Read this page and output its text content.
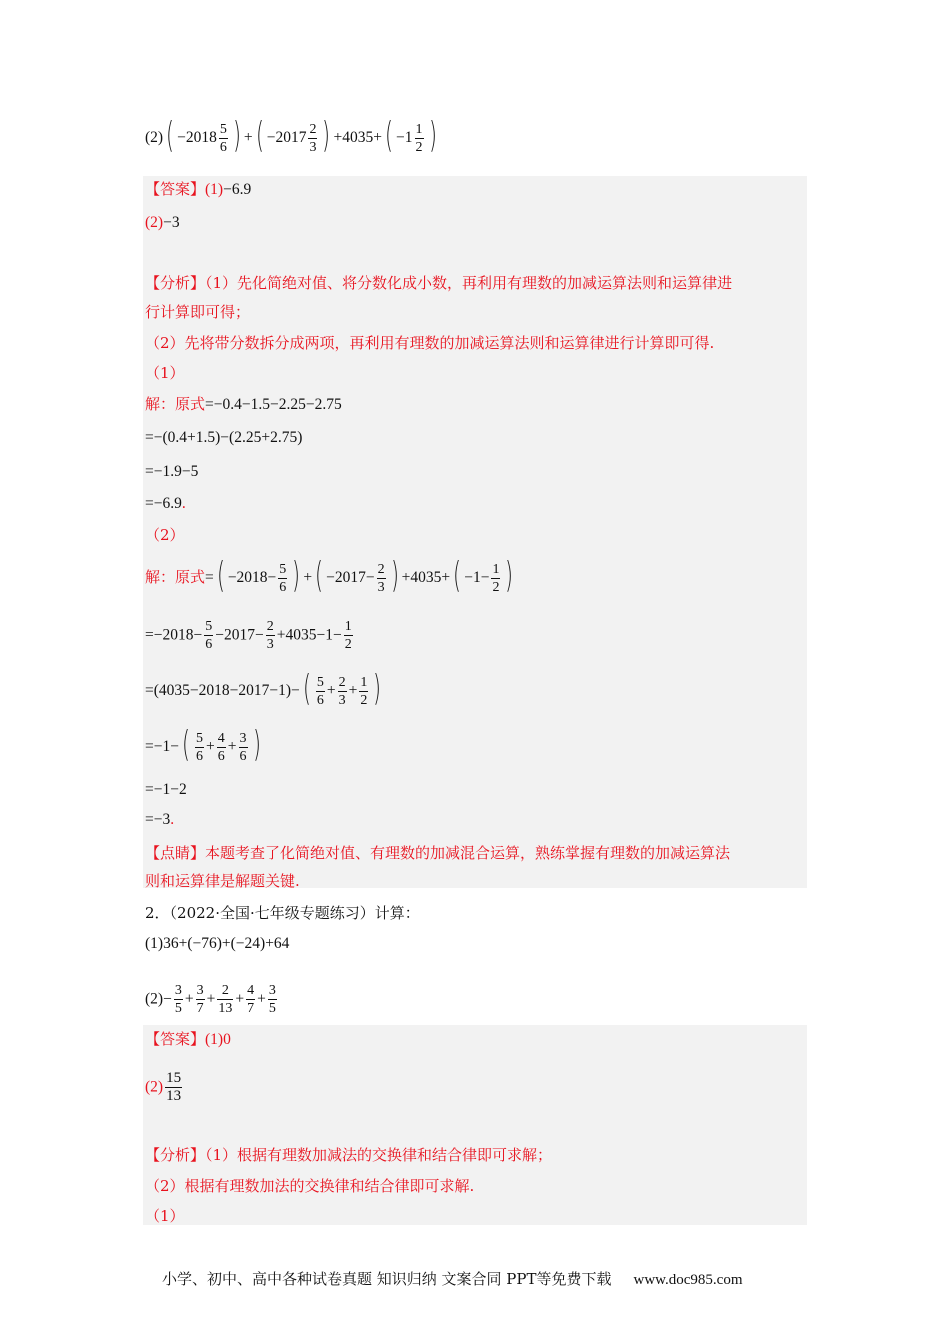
$(2)( -2018 \frac{5}{6}$ ) +( $-2017 \frac{2}{3}$ ) $+4035+( -1 \frac{1}{2}$ )
【答案】(1)−6.9
(2)−3
【分析】（1）先化简绝对值、将分数化成小数，再利用有理数的加减运算法则和运算律进
行计算即可得；
（2）先将带分数拆分成两项，再利用有理数的加减运算法则和运算律进行计算即可得.
（1）
解：原式=−0.4−1.5−2.25−2.75
=−(0.4+1.5)−(2.25+2.75)
=−1.9−5
=−6.9.
（2）
解：原式=( $-2018- \frac{5}{6}$ ) +( $-2017- \frac{2}{3}$ ) $+4035+( -1- \frac{1}{2}$ )
$=-2018- \frac{5}{6} -2017- \frac{2}{3} +4035-1- \frac{1}{2}$
$=(4035-2018-2017-1)-( \frac{5}{6} + \frac{2}{3} + \frac{1}{2}$ )
$=-1-( \frac{5}{6} + \frac{4}{6} + \frac{3}{6}$ )
=−1−2
=−3.
【点睛】本题考查了化简绝对值、有理数的加减混合运算，熟练掌握有理数的加减运算法
则和运算律是解题关键.
2．（2022·全国·七年级专题练习）计算：
(1)36+(−76)+(−24)+64
$(2)- \frac{3}{5} + \frac{3}{7} + \frac{2}{13} + \frac{4}{7} + \frac{3}{5}$
【答案】(1)0
$(2) \frac{15}{13}$
【分析】（1）根据有理数加减法的交换律和结合律即可求解；
（2）根据有理数加法的交换律和结合律即可求解.
（1）
小学、初中、高中各种试卷真题 知识归纳 文案合同 PPT等免费下载 www.doc985.com
